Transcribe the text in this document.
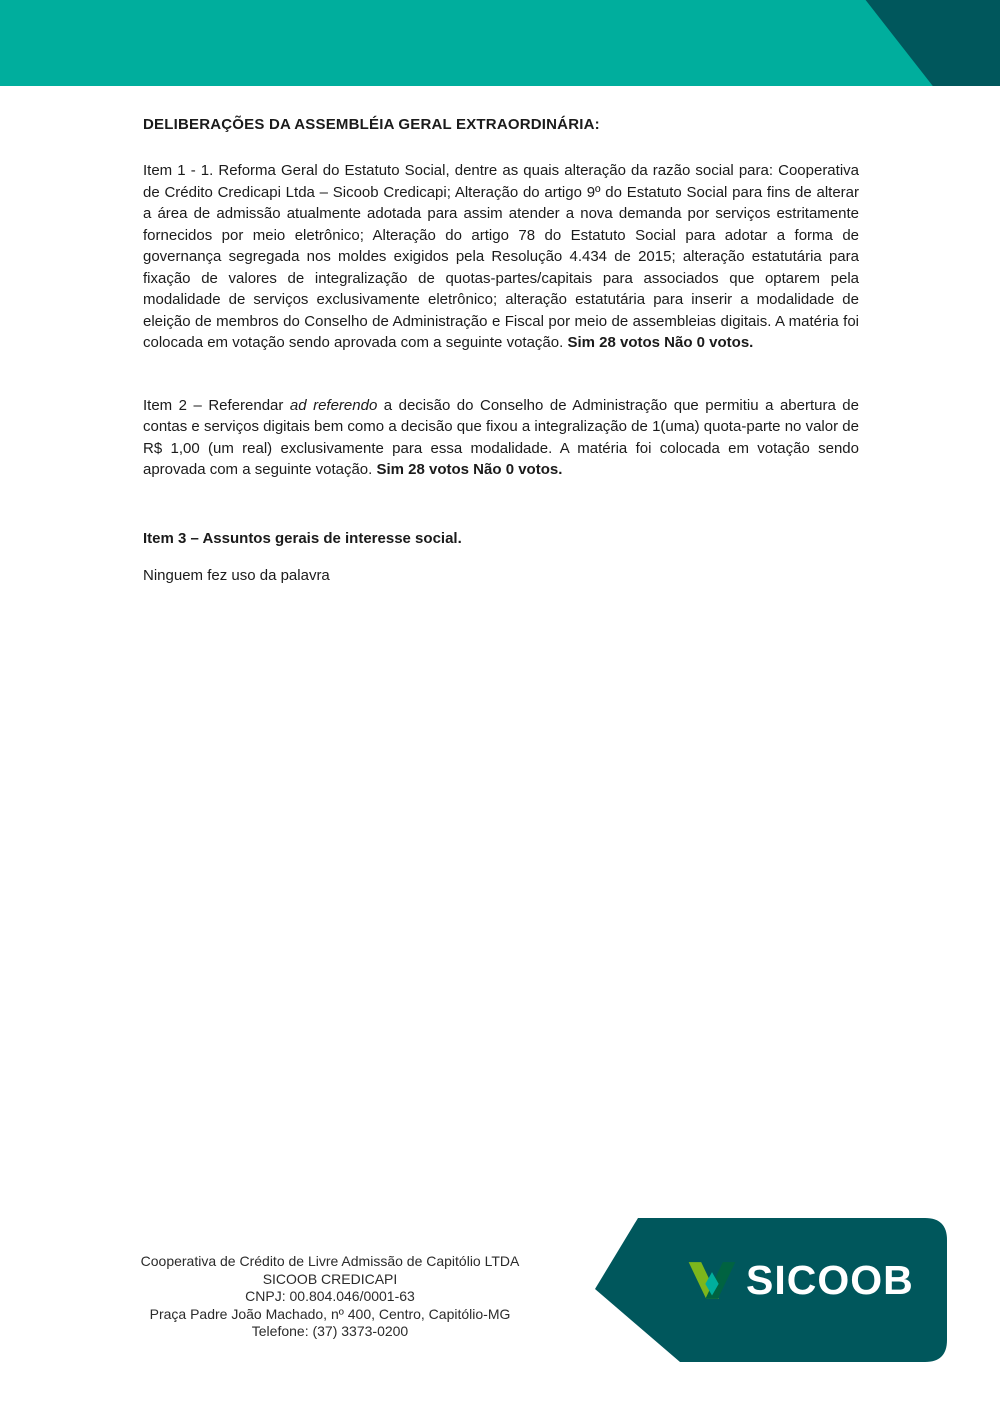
DELIBERAÇÕES DA ASSEMBLÉIA GERAL EXTRAORDINÁRIA:

Item 1 - 1. Reforma Geral do Estatuto Social, dentre as quais alteração da razão social para: Cooperativa de Crédito Credicapi Ltda – Sicoob Credicapi; Alteração do artigo 9º do Estatuto Social para fins de alterar a área de admissão atualmente adotada para assim atender a nova demanda por serviços estritamente fornecidos por meio eletrônico; Alteração do artigo 78 do Estatuto Social para adotar a forma de governança segregada nos moldes exigidos pela Resolução 4.434 de 2015; alteração estatutária para fixação de valores de integralização de quotas-partes/capitais para associados que optarem pela modalidade de serviços exclusivamente eletrônico; alteração estatutária para inserir a modalidade de eleição de membros do Conselho de Administração e Fiscal por meio de assembleias digitais. A matéria foi colocada em votação sendo aprovada com a seguinte votação. Sim 28 votos Não 0 votos.

Item 2 – Referendar ad referendo a decisão do Conselho de Administração que permitiu a abertura de contas e serviços digitais bem como a decisão que fixou a integralização de 1(uma) quota-parte no valor de R$ 1,00 (um real) exclusivamente para essa modalidade. A matéria foi colocada em votação sendo aprovada com a seguinte votação. Sim 28 votos Não 0 votos.

Item 3 – Assuntos gerais de interesse social.

Ninguem fez uso da palavra

Cooperativa de Crédito de Livre Admissão de Capitólio LTDA
SICOOB CREDICAPI
CNPJ: 00.804.046/0001-63
Praça Padre João Machado, nº 400, Centro, Capitólio-MG
Telefone: (37) 3373-0200
SICOOB
